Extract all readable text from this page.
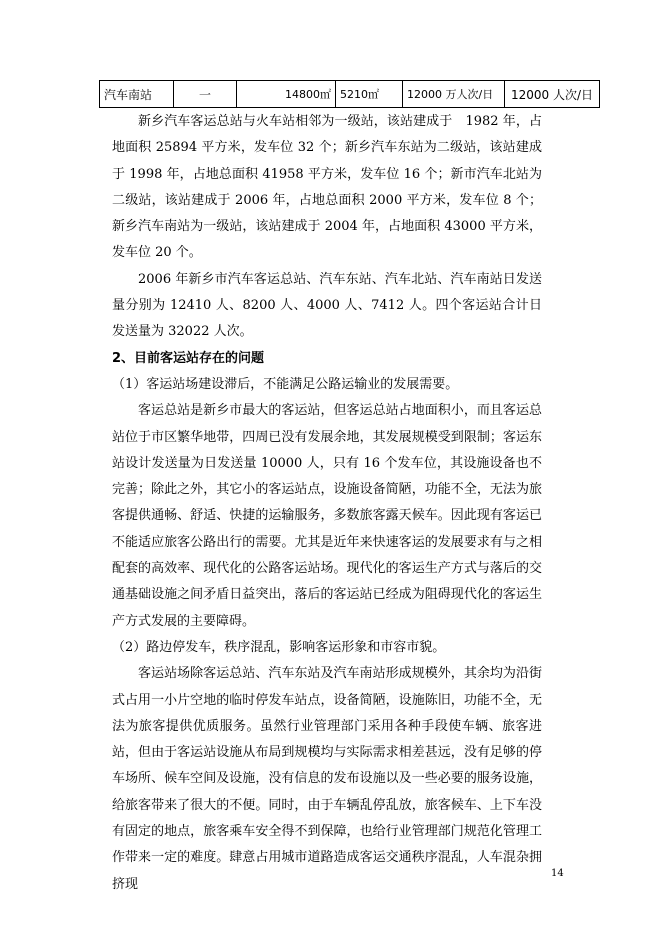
汽车南站	一	14800㎡	5210㎡	12000 万人次/日	12000 人次/日

新乡汽车客运总站与火车站相邻为一级站，该站建成于　1982 年，占地面积 25894 平方米，发车位 32 个；新乡汽车东站为二级站，该站建成于 1998 年，占地总面积 41958 平方米，发车位 16 个；新市汽车北站为二级站，该站建成于 2006 年，占地总面积 2000 平方米，发车位 8 个；新乡汽车南站为一级站，该站建成于 2004 年，占地面积 43000 平方米，发车位 20 个。

2006 年新乡市汽车客运总站、汽车东站、汽车北站、汽车南站日发送量分别为 12410 人、8200 人、4000 人、7412 人。四个客运站合计日发送量为 32022 人次。

2、目前客运站存在的问题

（1）客运站场建设滞后，不能满足公路运输业的发展需要。

客运总站是新乡市最大的客运站，但客运总站占地面积小，而且客运总站位于市区繁华地带，四周已没有发展余地，其发展规模受到限制；客运东站设计发送量为日发送量 10000 人，只有 16 个发车位，其设施设备也不完善；除此之外，其它小的客运站点，设施设备简陋，功能不全，无法为旅客提供通畅、舒适、快捷的运输服务，多数旅客露天候车。因此现有客运已不能适应旅客公路出行的需要。尤其是近年来快速客运的发展要求有与之相配套的高效率、现代化的公路客运站场。现代化的客运生产方式与落后的交通基础设施之间矛盾日益突出，落后的客运站已经成为阻碍现代化的客运生产方式发展的主要障碍。

（2）路边停发车，秩序混乱，影响客运形象和市容市貌。

客运站场除客运总站、汽车东站及汽车南站形成规模外，其余均为沿街式占用一小片空地的临时停发车站点，设备简陋，设施陈旧，功能不全，无法为旅客提供优质服务。虽然行业管理部门采用各种手段使车辆、旅客进站，但由于客运站设施从布局到规模均与实际需求相差甚远，没有足够的停车场所、候车空间及设施，没有信息的发布设施以及一些必要的服务设施，给旅客带来了很大的不便。同时，由于车辆乱停乱放，旅客候车、上下车没有固定的地点，旅客乘车安全得不到保障，也给行业管理部门规范化管理工作带来一定的难度。肆意占用城市道路造成客运交通秩序混乱，人车混杂拥挤现

14
